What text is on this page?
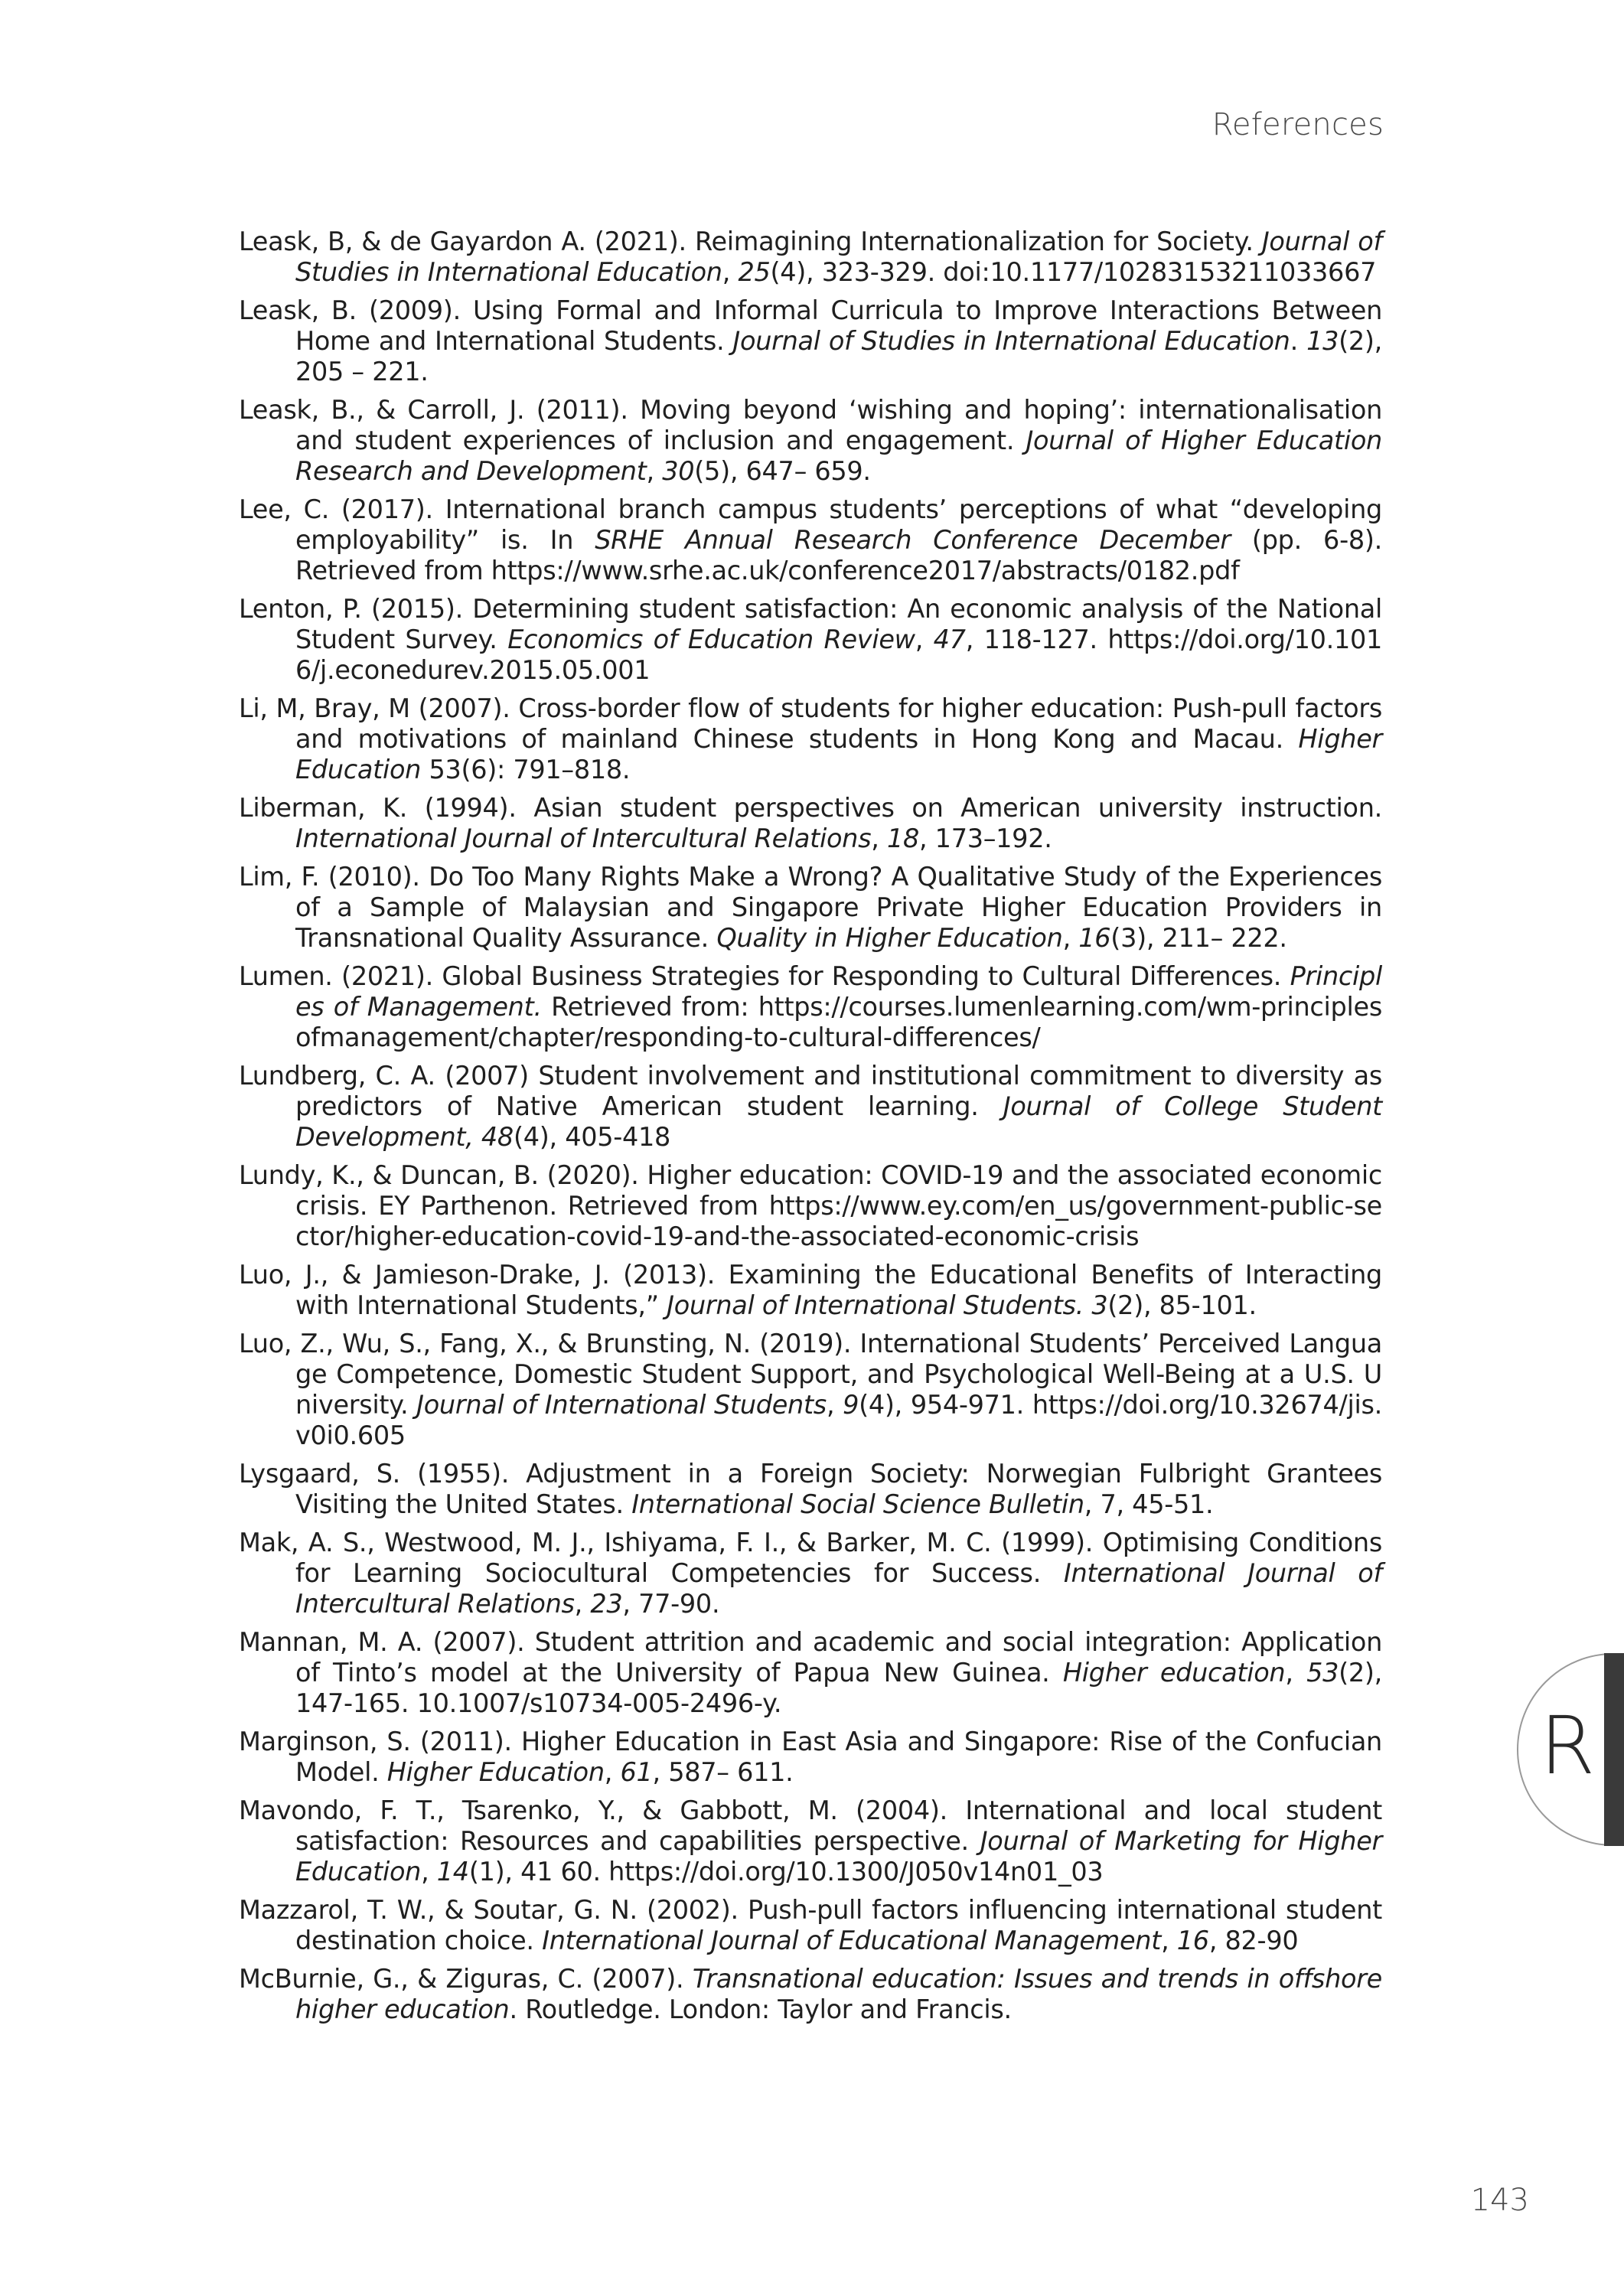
References

Leask, B, & de Gayardon A. (2021). Reimagining Internationalization for Society. Journal of Studies in International Education, 25(4), 323-329. doi:10.1177/10283153211033667

Leask, B. (2009). Using Formal and Informal Curricula to Improve Interactions Between Home and International Students. Journal of Studies in International Education. 13(2), 205 – 221.

Leask, B., & Carroll, J. (2011). Moving beyond ‘wishing and hoping’: internationalisation and student experiences of inclusion and engagement. Journal of Higher Education Research and Development, 30(5), 647– 659.

Lee, C. (2017). International branch campus students’ perceptions of what “developing employability” is. In SRHE Annual Research Conference December (pp. 6-8). Retrieved from https://www.srhe.ac.uk/conference2017/abstracts/0182.pdf

Lenton, P. (2015). Determining student satisfaction: An economic analysis of the National Student Survey. Economics of Education Review, 47, 118-127. https://doi.org/10.1016/j.econedurev.2015.05.001

Li, M, Bray, M (2007). Cross-border flow of students for higher education: Push-pull factors and motivations of mainland Chinese students in Hong Kong and Macau. Higher Education 53(6): 791–818.

Liberman, K. (1994). Asian student perspectives on American university instruction. International Journal of Intercultural Relations, 18, 173–192.

Lim, F. (2010). Do Too Many Rights Make a Wrong? A Qualitative Study of the Experiences of a Sample of Malaysian and Singapore Private Higher Education Providers in Transnational Quality Assurance. Quality in Higher Education, 16(3), 211– 222.

Lumen. (2021). Global Business Strategies for Responding to Cultural Differences. Principles of Management. Retrieved from: https://courses.lumenlearning.com/wm-principlesofmanagement/chapter/responding-to-cultural-differences/

Lundberg, C. A. (2007) Student involvement and institutional commitment to diversity as predictors of Native American student learning. Journal of College Student Development, 48(4), 405-418

Lundy, K., & Duncan, B. (2020). Higher education: COVID-19 and the associated economic crisis. EY Parthenon. Retrieved from https://www.ey.com/en_us/government-public-sector/higher-education-covid-19-and-the-associated-economic-crisis

Luo, J., & Jamieson-Drake, J. (2013). Examining the Educational Benefits of Interacting with International Students,” Journal of International Students. 3(2), 85-101.

Luo, Z., Wu, S., Fang, X., & Brunsting, N. (2019). International Students’ Perceived Language Competence, Domestic Student Support, and Psychological Well-Being at a U.S. University. Journal of International Students, 9(4), 954-971. https://doi.org/10.32674/jis.v0i0.605

Lysgaard, S. (1955). Adjustment in a Foreign Society: Norwegian Fulbright Grantees Visiting the United States. International Social Science Bulletin, 7, 45-51.

Mak, A. S., Westwood, M. J., Ishiyama, F. I., & Barker, M. C. (1999). Optimising Conditions for Learning Sociocultural Competencies for Success. International Journal of Intercultural Relations, 23, 77-90.

Mannan, M. A. (2007). Student attrition and academic and social integration: Application of Tinto’s model at the University of Papua New Guinea. Higher education, 53(2), 147-165. 10.1007/s10734-005-2496-y.

Marginson, S. (2011). Higher Education in East Asia and Singapore: Rise of the Confucian Model. Higher Education, 61, 587– 611.

Mavondo, F. T., Tsarenko, Y., & Gabbott, M. (2004). International and local student satisfaction: Resources and capabilities perspective. Journal of Marketing for Higher Education, 14(1), 41 60. https://doi.org/10.1300/J050v14n01_03

Mazzarol, T. W., & Soutar, G. N. (2002). Push-pull factors influencing international student destination choice. International Journal of Educational Management, 16, 82-90

McBurnie, G., & Ziguras, C. (2007). Transnational education: Issues and trends in offshore higher education. Routledge. London: Taylor and Francis.

R
143
